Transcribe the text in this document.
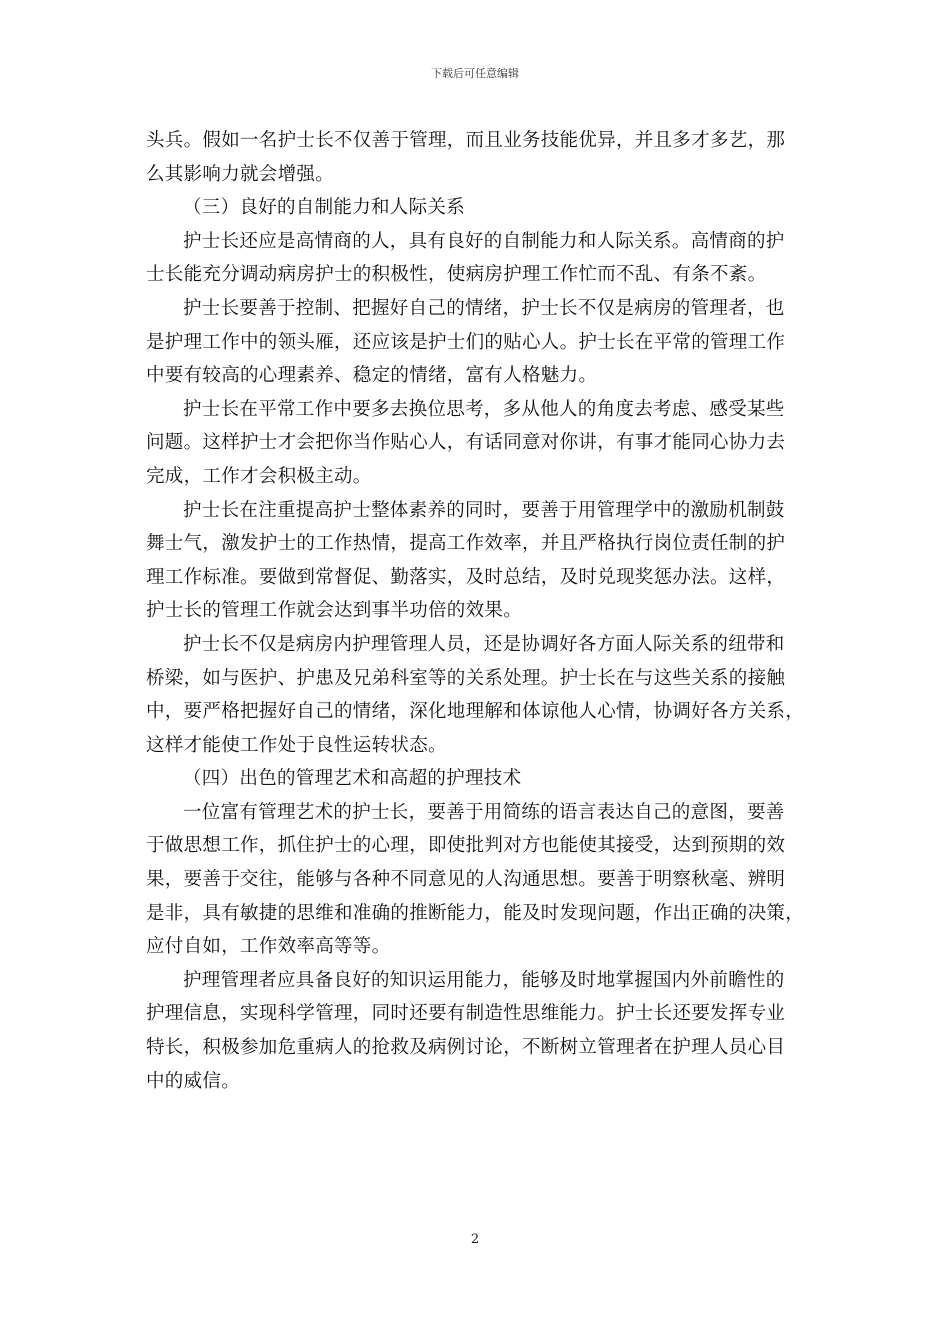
下载后可任意编辑
头兵。假如一名护士长不仅善于管理，而且业务技能优异，并且多才多艺，那
么其影响力就会增强。
（三）良好的自制能力和人际关系
护士长还应是高情商的人，具有良好的自制能力和人际关系。高情商的护
士长能充分调动病房护士的积极性，使病房护理工作忙而不乱、有条不紊。
护士长要善于控制、把握好自己的情绪，护士长不仅是病房的管理者，也
是护理工作中的领头雁，还应该是护士们的贴心人。护士长在平常的管理工作
中要有较高的心理素养、稳定的情绪，富有人格魅力。
护士长在平常工作中要多去换位思考，多从他人的角度去考虑、感受某些
问题。这样护士才会把你当作贴心人，有话同意对你讲，有事才能同心协力去
完成，工作才会积极主动。
护士长在注重提高护士整体素养的同时，要善于用管理学中的激励机制鼓
舞士气，激发护士的工作热情，提高工作效率，并且严格执行岗位责任制的护
理工作标准。要做到常督促、勤落实，及时总结，及时兑现奖惩办法。这样，
护士长的管理工作就会达到事半功倍的效果。
护士长不仅是病房内护理管理人员，还是协调好各方面人际关系的纽带和
桥梁，如与医护、护患及兄弟科室等的关系处理。护士长在与这些关系的接触
中，要严格把握好自己的情绪，深化地理解和体谅他人心情，协调好各方关系，
这样才能使工作处于良性运转状态。
（四）出色的管理艺术和高超的护理技术
一位富有管理艺术的护士长，要善于用简练的语言表达自己的意图，要善
于做思想工作，抓住护士的心理，即使批判对方也能使其接受，达到预期的效
果，要善于交往，能够与各种不同意见的人沟通思想。要善于明察秋毫、辨明
是非，具有敏捷的思维和准确的推断能力，能及时发现问题，作出正确的决策，
应付自如，工作效率高等等。
护理管理者应具备良好的知识运用能力，能够及时地掌握国内外前瞻性的
护理信息，实现科学管理，同时还要有制造性思维能力。护士长还要发挥专业
特长，积极参加危重病人的抢救及病例讨论，不断树立管理者在护理人员心目
中的威信。
2
